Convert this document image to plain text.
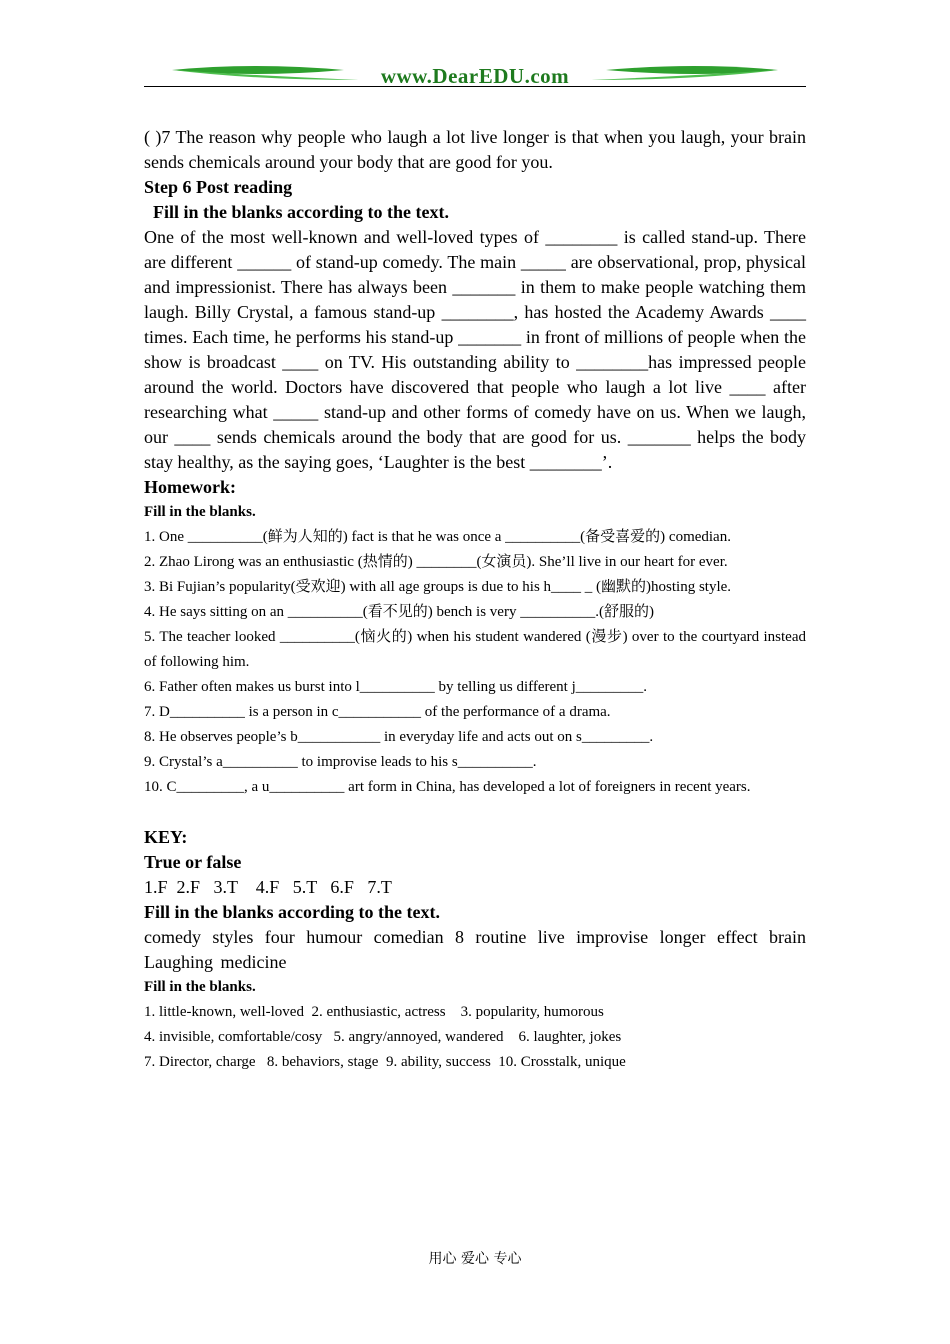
www.DearEDU.com

( )7 The reason why people who laugh a lot live longer is that when you laugh, your brain sends chemicals around your body that are good for you.

Step 6 Post reading

Fill in the blanks according to the text.

One of the most well-known and well-loved types of ________ is called stand-up. There are different ______ of stand-up comedy. The main _____ are observational, prop, physical and impressionist. There has always been _______ in them to make people watching them laugh. Billy Crystal, a famous stand-up ________, has hosted the Academy Awards ____ times. Each time, he performs his stand-up _______ in front of millions of people when the show is broadcast ____ on TV. His outstanding ability to ________has impressed people around the world. Doctors have discovered that people who laugh a lot live ____ after researching what _____ stand-up and other forms of comedy have on us. When we laugh, our ____ sends chemicals around the body that are good for us. _______ helps the body stay healthy, as the saying goes, ‘Laughter is the best ________’.

Homework:

Fill in the blanks.

1. One __________(鲜为人知的) fact is that he was once a __________(备受喜爱的) comedian.

2. Zhao Lirong was an enthusiastic (热情的) ________(女演员). She’ll live in our heart for ever.

3. Bi Fujian’s popularity(受欢迎) with all age groups is due to his h____ _ (幽默的)hosting style.

4. He says sitting on an __________(看不见的) bench is very __________.(舒服的)

5. The teacher looked __________(恼火的) when his student wandered (漫步) over to the courtyard instead of following him.

6. Father often makes us burst into l__________ by telling us different j_________.

7. D__________ is a person in c___________ of the performance of a drama.

8. He observes people’s b___________ in everyday life and acts out on s_________.

9. Crystal’s a__________ to improvise leads to his s__________.

10. C_________, a u__________ art form in China, has developed a lot of foreigners in recent years.

KEY:

True or false

1.F  2.F   3.T    4.F   5.T   6.F   7.T

Fill in the blanks according to the text.

comedy styles four humour comedian 8 routine live improvise longer effect brain Laughing medicine

Fill in the blanks.

1. little-known, well-loved  2. enthusiastic, actress    3. popularity, humorous

4. invisible, comfortable/cosy   5. angry/annoyed, wandered    6. laughter, jokes

7. Director, charge   8. behaviors, stage  9. ability, success  10. Crosstalk, unique

用心 爱心 专心
